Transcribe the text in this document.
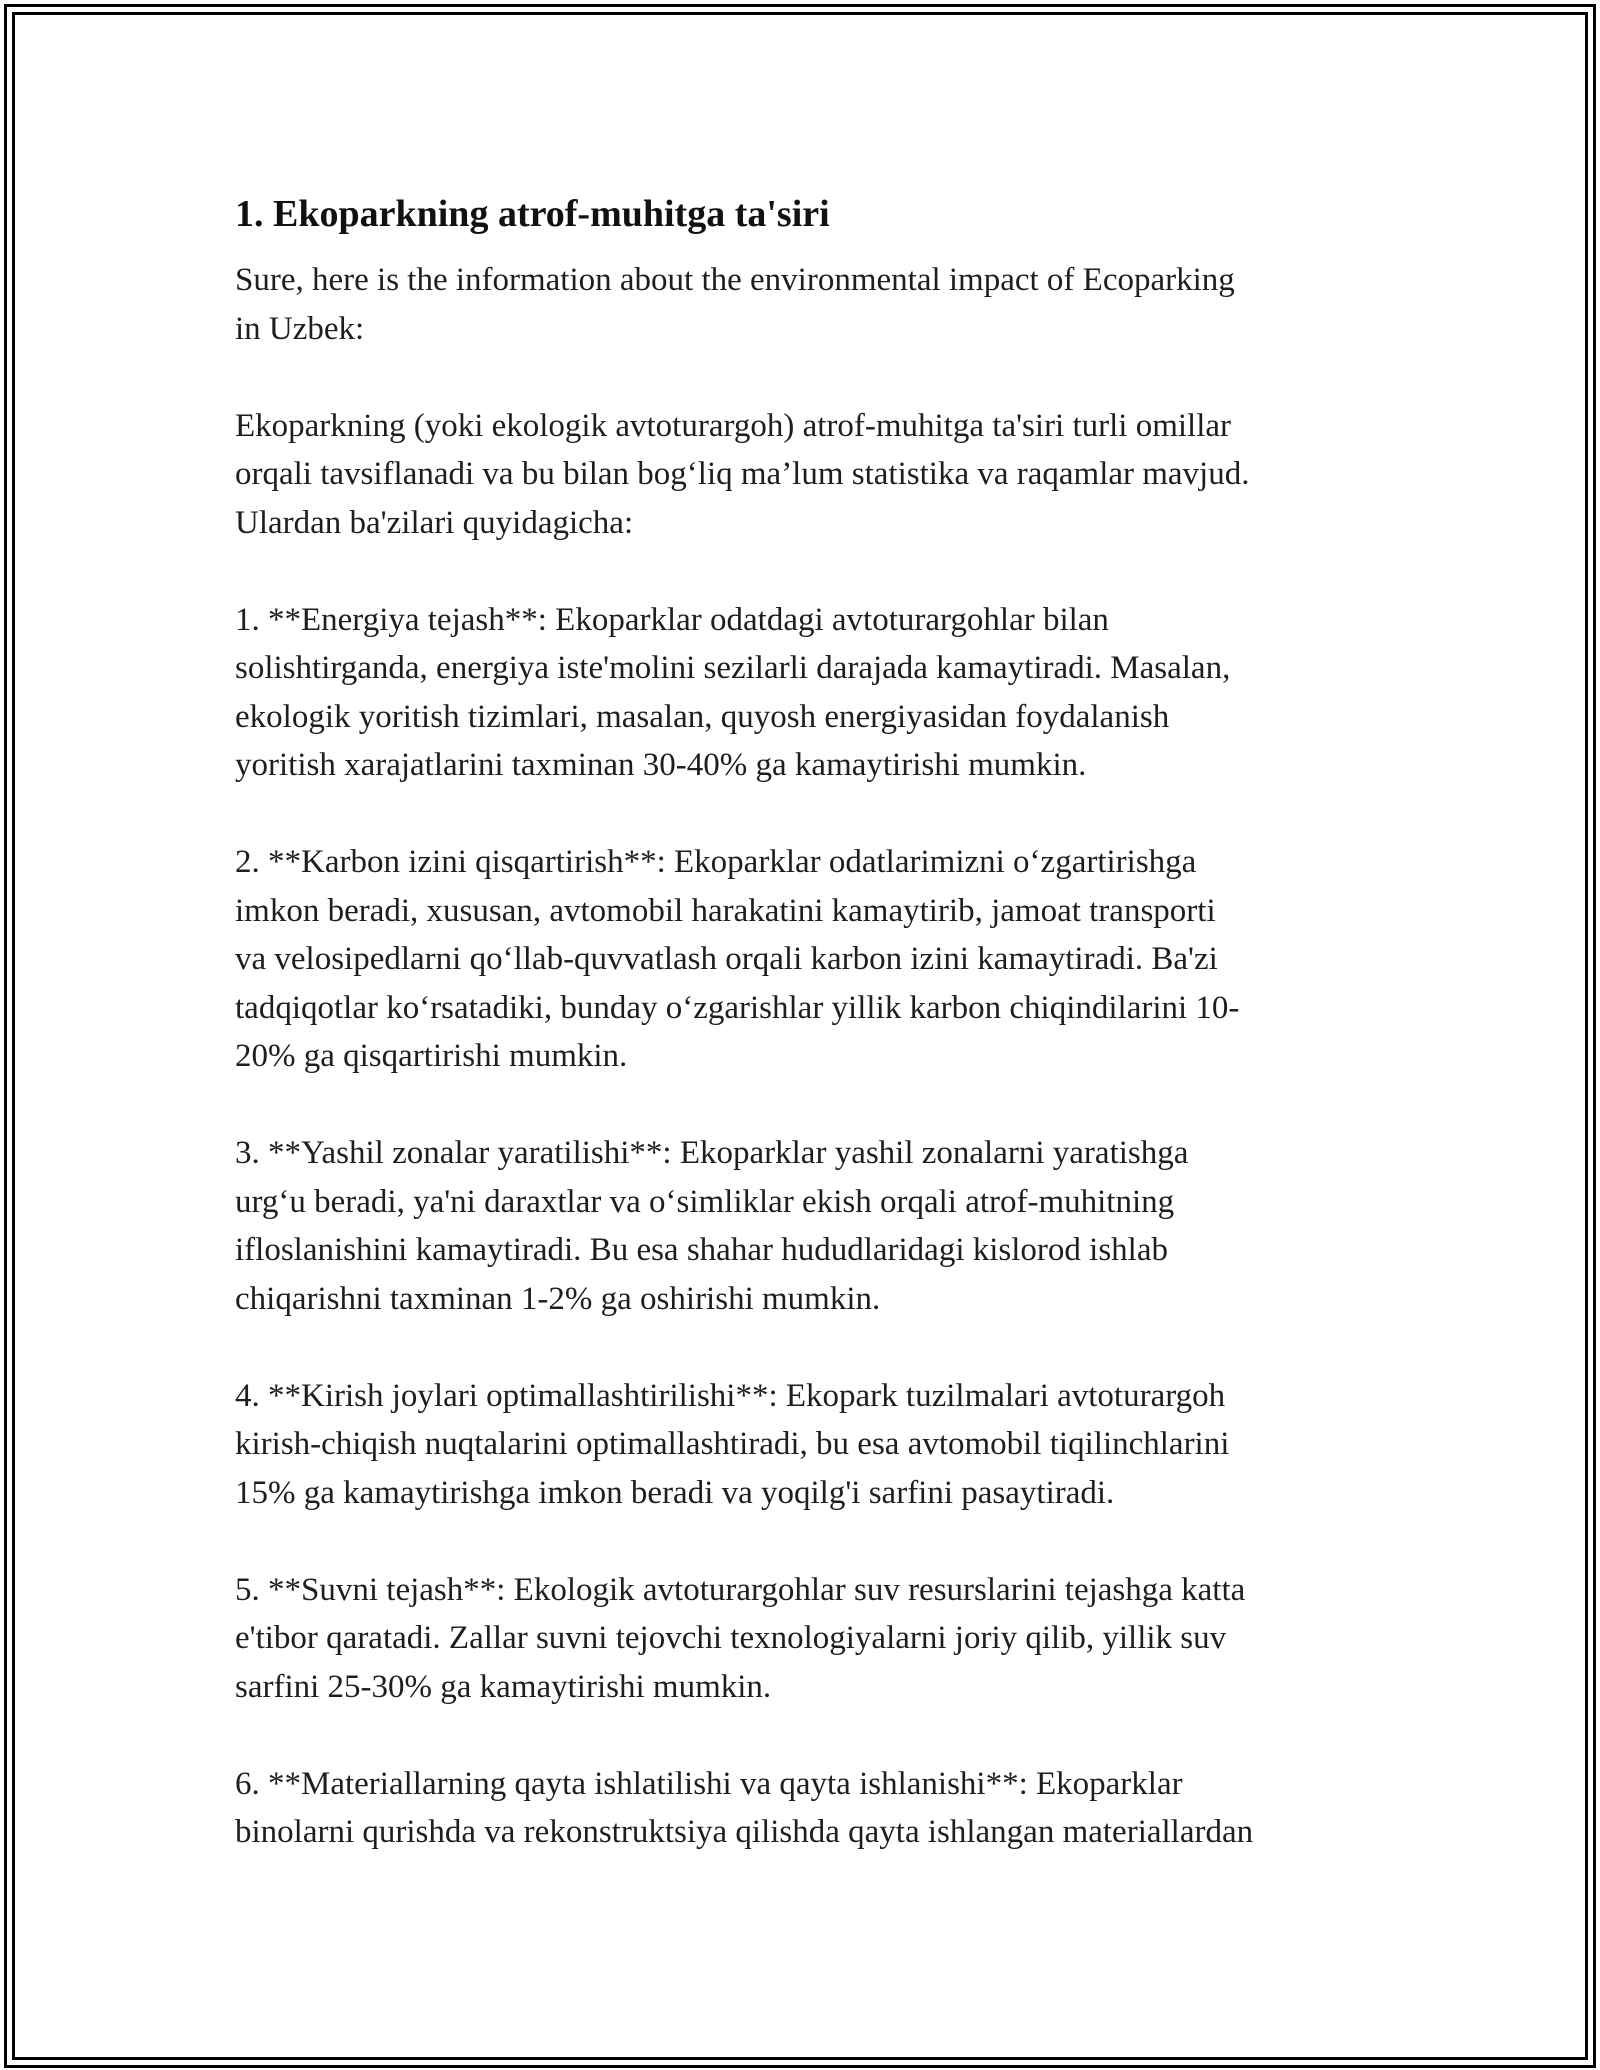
1. Ekoparkning atrof-muhitga ta'siri

Sure, here is the information about the environmental impact of Ecoparking
in Uzbek:

Ekoparkning (yoki ekologik avtoturargoh) atrof-muhitga ta'siri turli omillar
orqali tavsiflanadi va bu bilan bog‘liq ma’lum statistika va raqamlar mavjud.
Ulardan ba'zilari quyidagicha:

1. **Energiya tejash**: Ekoparklar odatdagi avtoturargohlar bilan
solishtirganda, energiya iste'molini sezilarli darajada kamaytiradi. Masalan,
ekologik yoritish tizimlari, masalan, quyosh energiyasidan foydalanish
yoritish xarajatlarini taxminan 30-40% ga kamaytirishi mumkin.

2. **Karbon izini qisqartirish**: Ekoparklar odatlarimizni o‘zgartirishga
imkon beradi, xususan, avtomobil harakatini kamaytirib, jamoat transporti
va velosipedlarni qo‘llab-quvvatlash orqali karbon izini kamaytiradi. Ba'zi
tadqiqotlar ko‘rsatadiki, bunday o‘zgarishlar yillik karbon chiqindilarini 10-
20% ga qisqartirishi mumkin.

3. **Yashil zonalar yaratilishi**: Ekoparklar yashil zonalarni yaratishga
urg‘u beradi, ya'ni daraxtlar va o‘simliklar ekish orqali atrof-muhitning
ifloslanishini kamaytiradi. Bu esa shahar hududlaridagi kislorod ishlab
chiqarishni taxminan 1-2% ga oshirishi mumkin.

4. **Kirish joylari optimallashtirilishi**: Ekopark tuzilmalari avtoturargoh
kirish-chiqish nuqtalarini optimallashtiradi, bu esa avtomobil tiqilinchlarini
15% ga kamaytirishga imkon beradi va yoqilg'i sarfini pasaytiradi.

5. **Suvni tejash**: Ekologik avtoturargohlar suv resurslarini tejashga katta
e'tibor qaratadi. Zallar suvni tejovchi texnologiyalarni joriy qilib, yillik suv
sarfini 25-30% ga kamaytirishi mumkin.

6. **Materiallarning qayta ishlatilishi va qayta ishlanishi**: Ekoparklar
binolarni qurishda va rekonstruktsiya qilishda qayta ishlangan materiallardan
